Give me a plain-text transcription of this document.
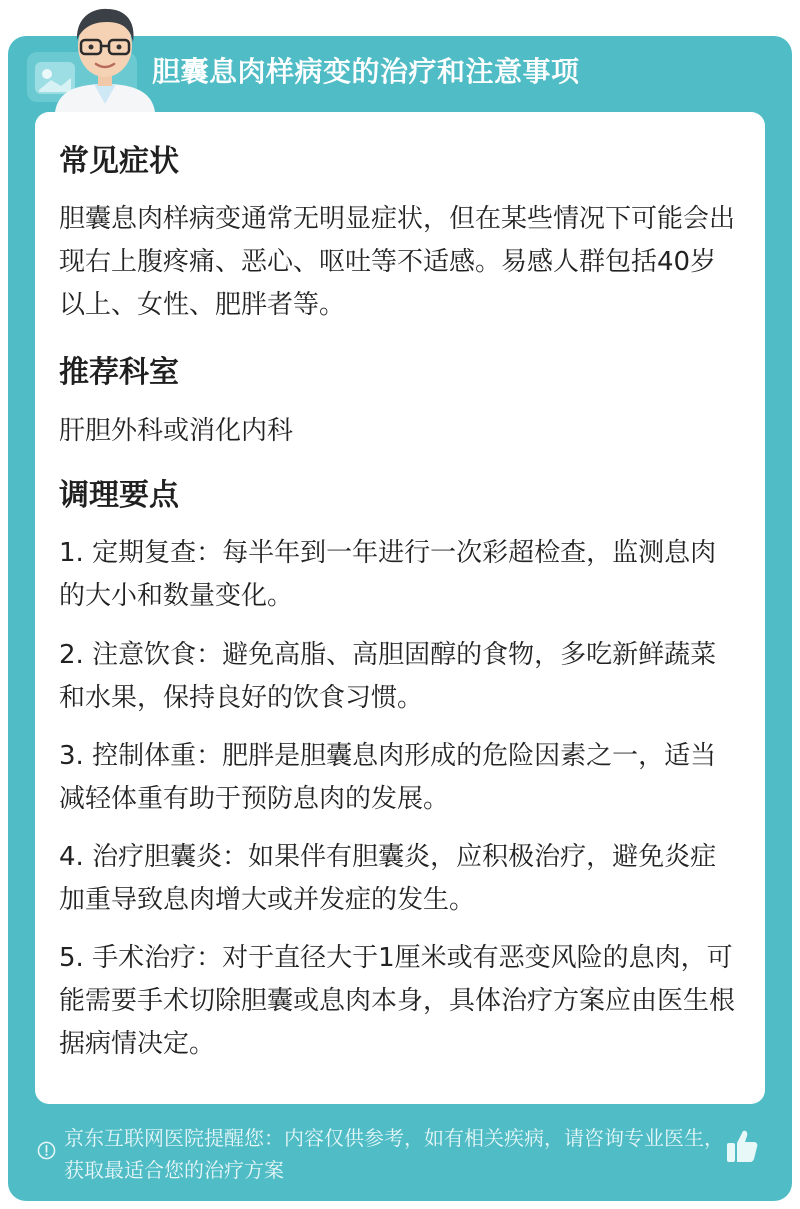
胆囊息肉样病变的治疗和注意事项
常见症状
胆囊息肉样病变通常无明显症状，但在某些情况下可能会出现右上腹疼痛、恶心、呕吐等不适感。易感人群包括40岁以上、女性、肥胖者等。
推荐科室
肝胆外科或消化内科
调理要点
1. 定期复查：每半年到一年进行一次彩超检查，监测息肉的大小和数量变化。
2. 注意饮食：避免高脂、高胆固醇的食物，多吃新鲜蔬菜和水果，保持良好的饮食习惯。
3. 控制体重：肥胖是胆囊息肉形成的危险因素之一，适当减轻体重有助于预防息肉的发展。
4. 治疗胆囊炎：如果伴有胆囊炎，应积极治疗，避免炎症加重导致息肉增大或并发症的发生。
5. 手术治疗：对于直径大于1厘米或有恶变风险的息肉，可能需要手术切除胆囊或息肉本身，具体治疗方案应由医生根据病情决定。
京东互联网医院提醒您：内容仅供参考，如有相关疾病，请咨询专业医生，获取最适合您的治疗方案
